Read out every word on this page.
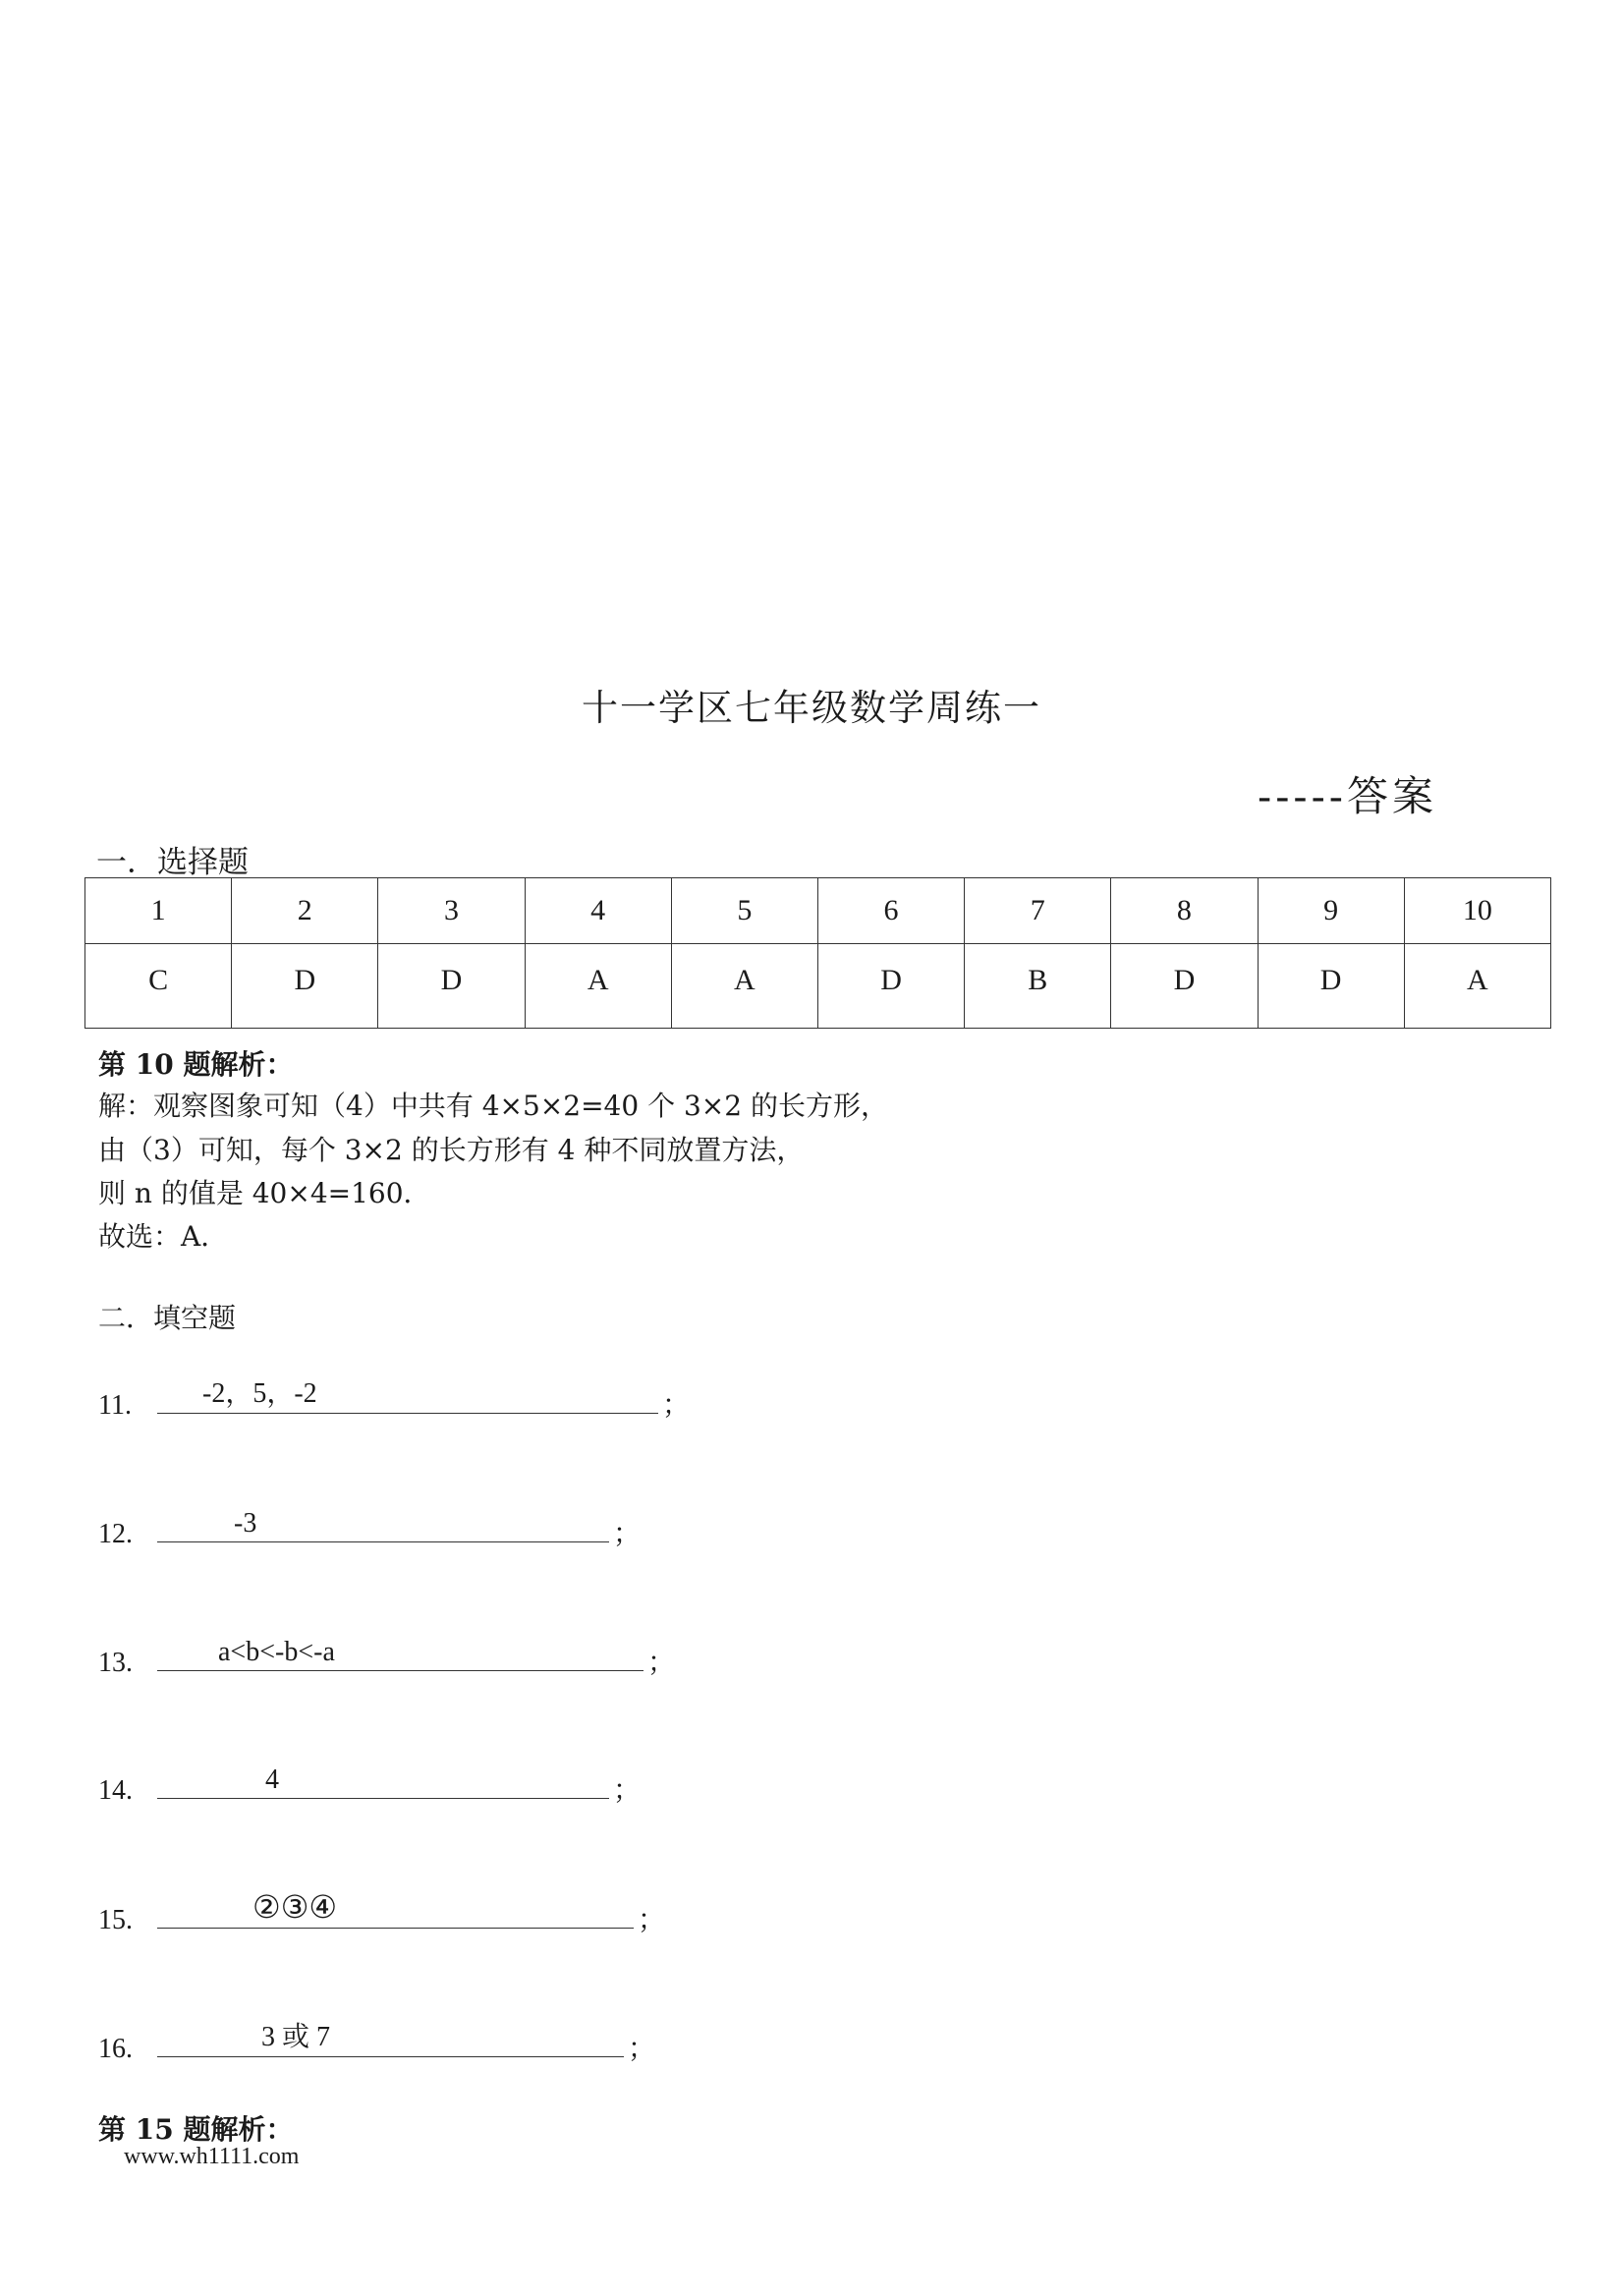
十一学区七年级数学周练一
-----答案
一．选择题
1	2	3	4	5	6	7	8	9	10
C	D	D	A	A	D	B	D	D	A
第 10 题解析：
解：观察图象可知（4）中共有 4×5×2=40 个 3×2 的长方形，
由（3）可知，每个 3×2 的长方形有 4 种不同放置方法，
则 n 的值是 40×4=160．
故选：A．
二．填空题
11.	-2，5，-2	；
12.	-3	；
13.	a<b<-b<-a	；
14.	4	；
15.	②③④	；
16.	3 或 7	；
第 15 题解析：
www.wh1111.com
